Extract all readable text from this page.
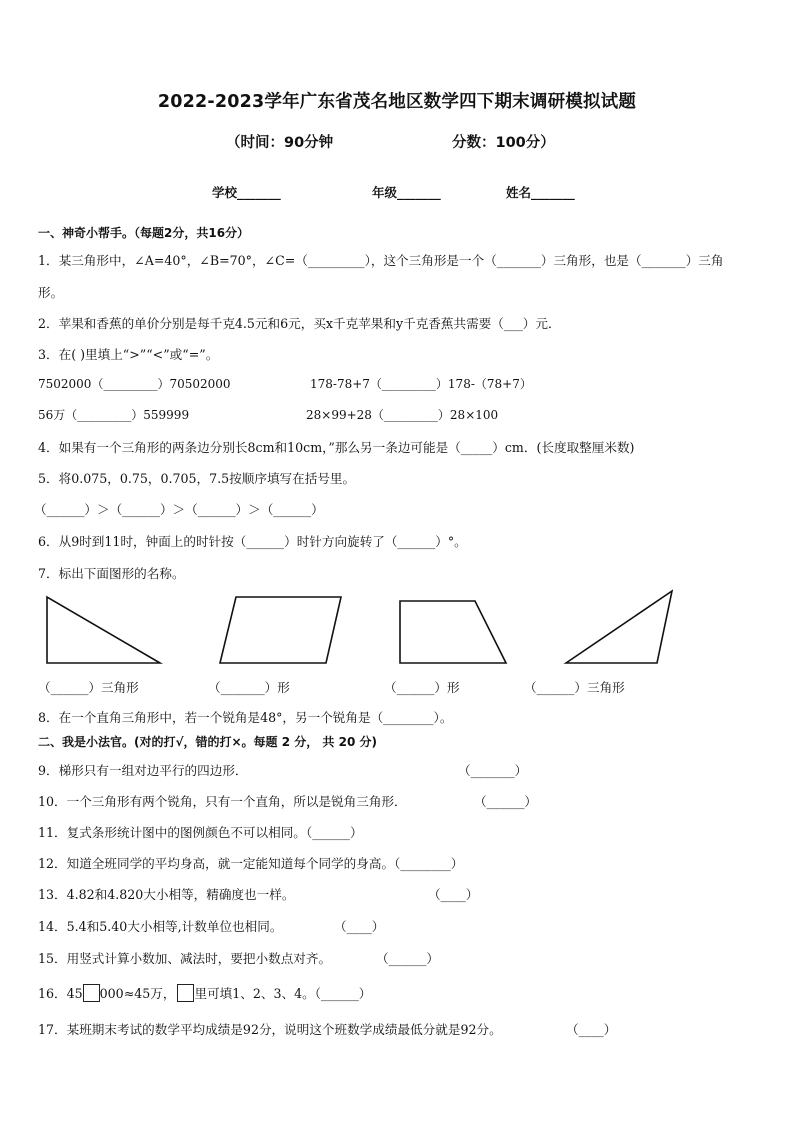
2022-2023学年广东省茂名地区数学四下期末调研模拟试题
（时间：90分钟	分数：100分）
学校_______	年级_______	姓名_______
一、神奇小帮手。（每题2分，共16分）
1．某三角形中，∠A=40°，∠B=70°，∠C=（_________），这个三角形是一个（_______）三角形，也是（_______）三角
形。
2．苹果和香蕉的单价分别是每千克4.5元和6元，买x千克苹果和y千克香蕉共需要（___）元．
3．在( )里填上“>”“<”或“=”。
7502000（_________）70502000	178-78+7（_________）178-（78+7）
56万（_________）559999	28×99+28（_________）28×100
4．如果有一个三角形的两条边分别长8cm和10cm，”那么另一条边可能是（_____）cm．(长度取整厘米数)
5．将0.075，0.75，0.705，7.5按顺序填写在括号里。
（______）＞（______）＞（______）＞（______）
6．从9时到11时，钟面上的时针按（______）时针方向旋转了（______）°。
7．标出下面图形的名称。
（______）三角形	（_______）形	（______）形	（______）三角形
8．在一个直角三角形中，若一个锐角是48°，另一个锐角是（________）。
二、我是小法官。(对的打√，错的打×。每题 2 分， 共 20 分)
9．梯形只有一组对边平行的四边形．	（_______）
10．一个三角形有两个锐角，只有一个直角，所以是锐角三角形．	（______）
11．复式条形统计图中的图例颜色不可以相同。（______）
12．知道全班同学的平均身高，就一定能知道每个同学的身高。（________）
13．4.82和4.820大小相等，精确度也一样。	（____）
14．5.4和5.40大小相等,计数单位也相同。	（____）
15．用竖式计算小数加、减法时，要把小数点对齐。	（______）
16．45 000≈45万， 里可填1、2、3、4。（______）
17．某班期末考试的数学平均成绩是92分，说明这个班数学成绩最低分就是92分。	（____）
